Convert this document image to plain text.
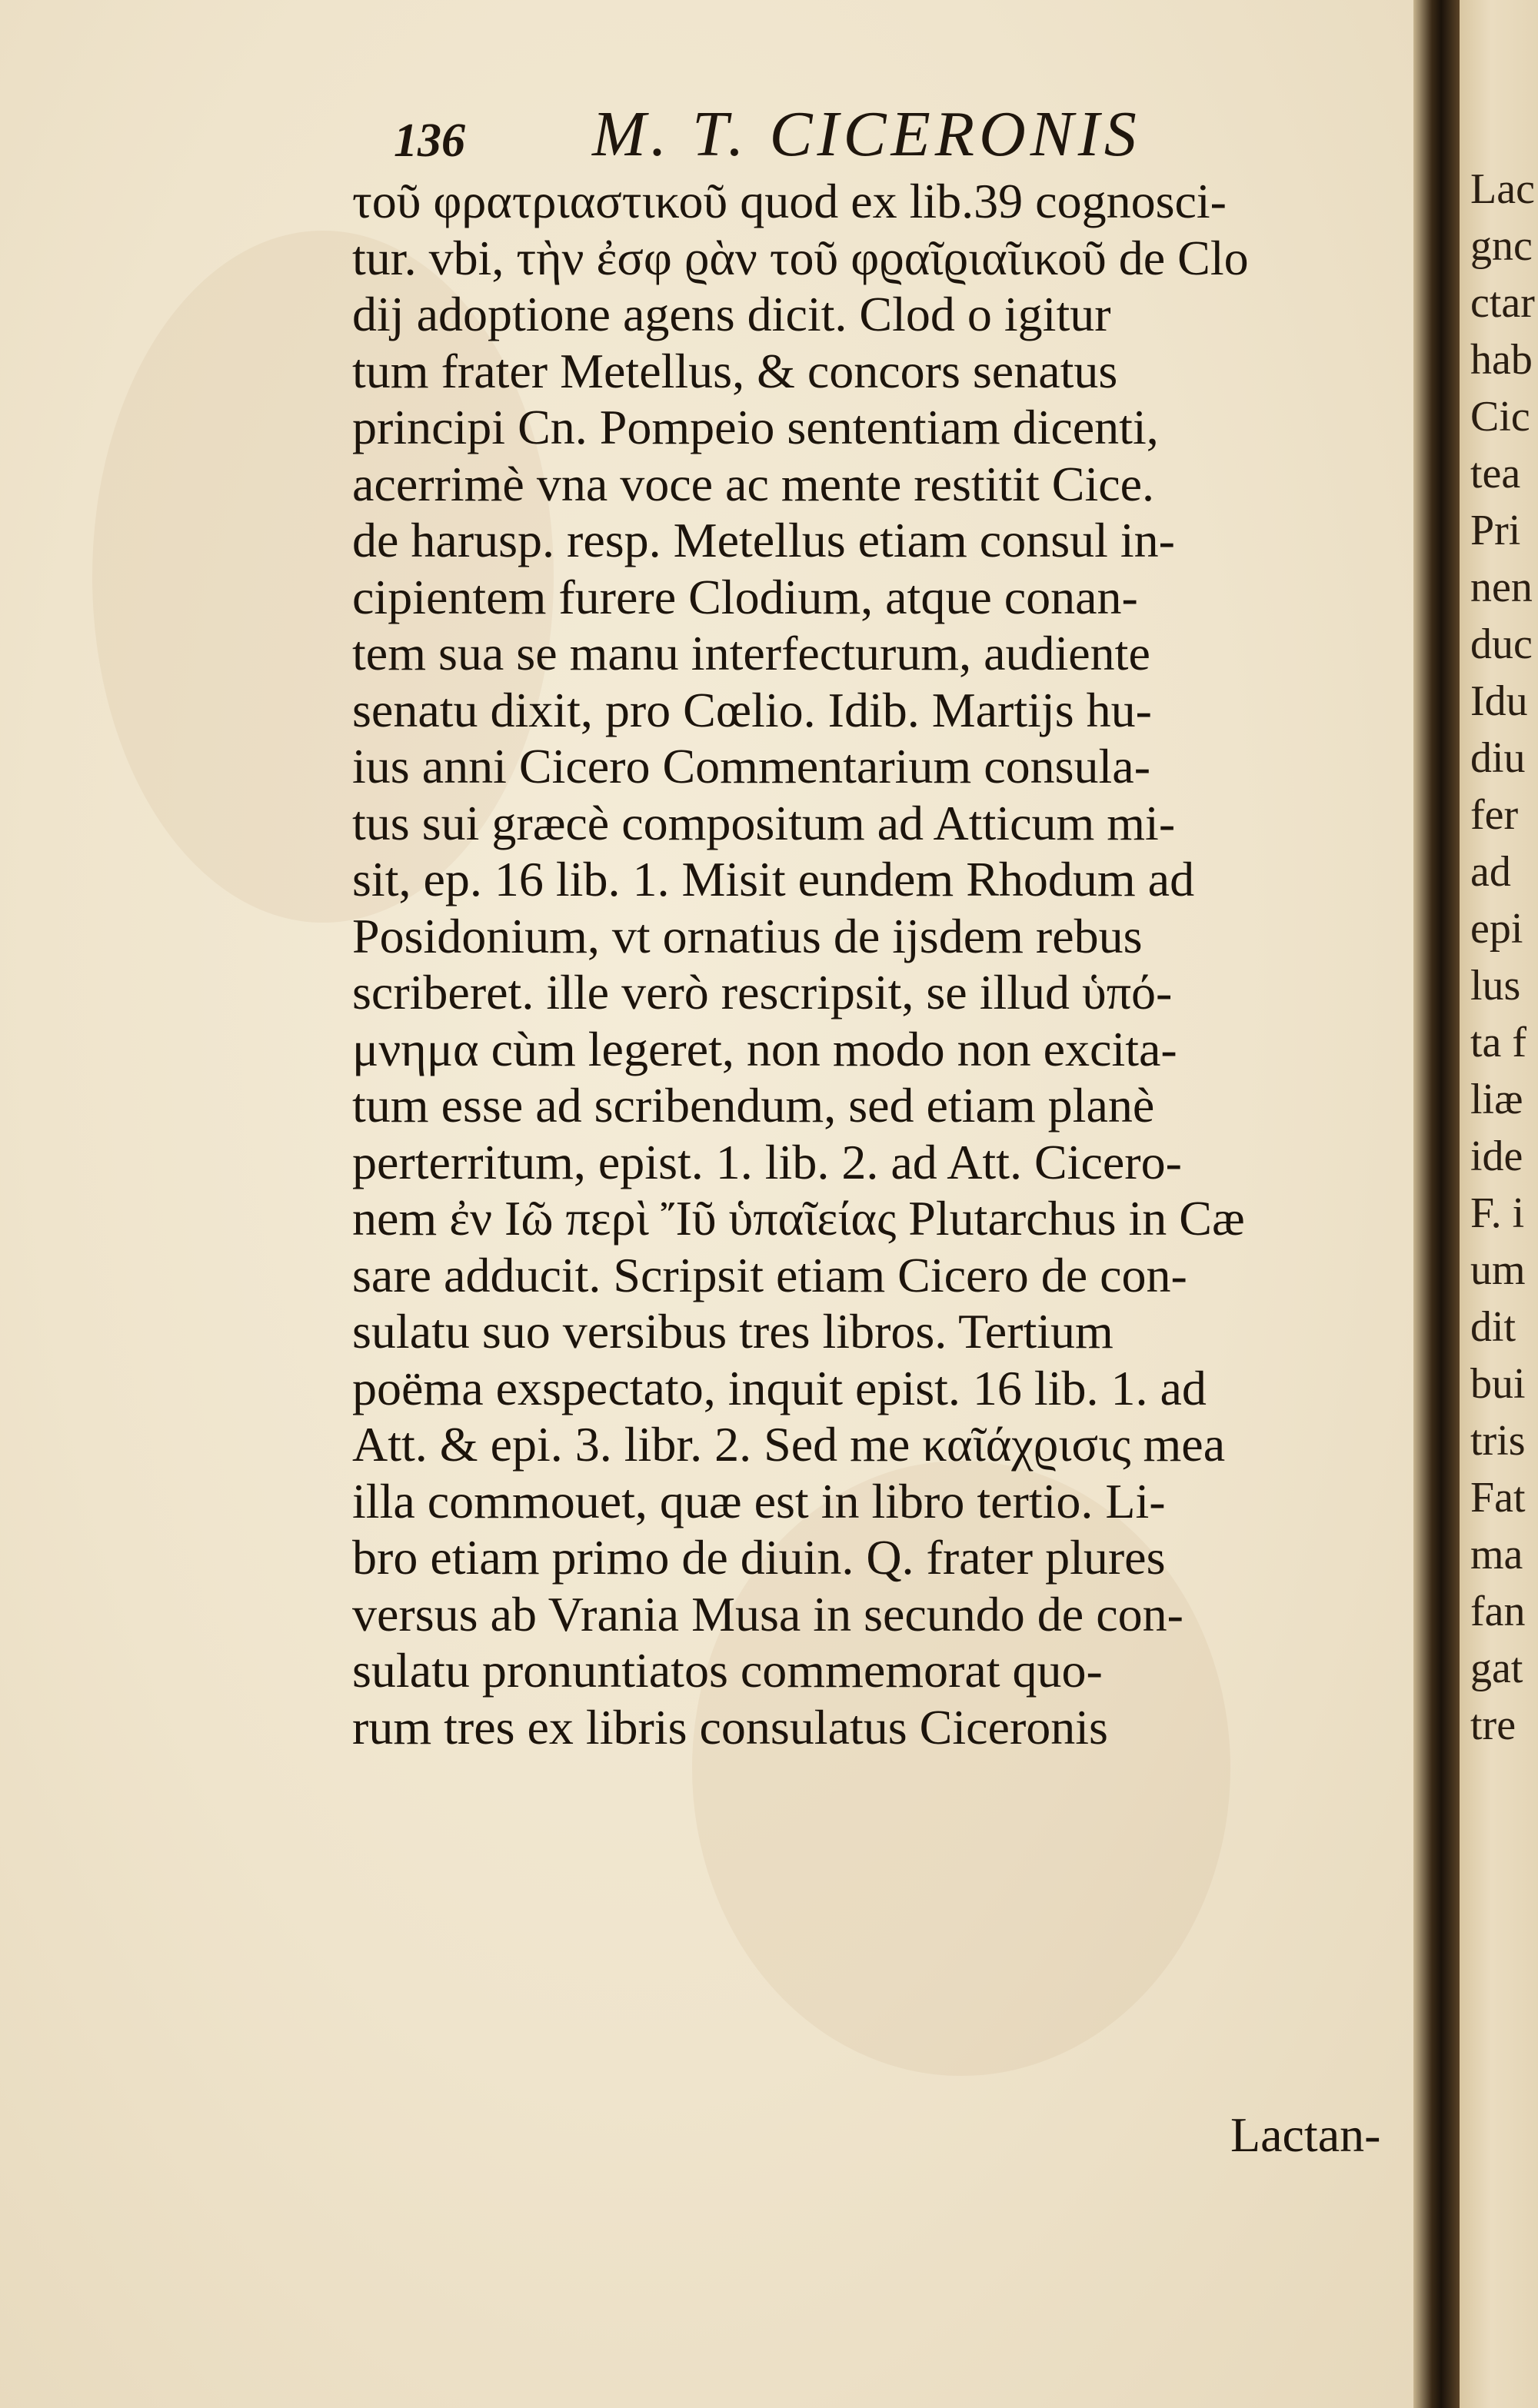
136 M. T. CICERONIS
τοῦ φρατριαστικοῦ quod ex lib.39 cognosci-
tur. vbi, τὴν ἐσφ ϱὰν τοῦ φϱαῖϱιαῖικοῦ de Clo
dij adoptione agens dicit. Clod o igitur
tum frater Metellus, & concors senatus
principi Cn. Pompeio sententiam dicenti,
acerrimè vna voce ac mente restitit Cice.
de harusp. resp. Metellus etiam consul in-
cipientem furere Clodium, atque conan-
tem sua se manu interfecturum, audiente
senatu dixit, pro Cœlio. Idib. Martijs hu-
ius anni Cicero Commentarium consula-
tus sui græcè compositum ad Atticum mi-
sit, ep. 16 lib. 1. Misit eundem Rhodum ad
Posidonium, vt ornatius de ijsdem rebus
scriberet. ille verò rescripsit, se illud ὑπό-
μνημα cùm legeret, non modo non excita-
tum esse ad scribendum, sed etiam planè
perterritum, epist. 1. lib. 2. ad Att. Cicero-
nem ἐν Ιῶ περὶ Ἴῦ ὑπαῖείας Plutarchus in Cæ
sare adducit. Scripsit etiam Cicero de con-
sulatu suo versibus tres libros. Tertium
poëma exspectato, inquit epist. 16 lib. 1. ad
Att. & epi. 3. libr. 2. Sed me καῖάχϱισις mea
illa commouet, quæ est in libro tertio. Li-
bro etiam primo de diuin. Q. frater plures
versus ab Vrania Musa in secundo de con-
sulatu pronuntiatos commemorat quo-
rum tres ex libris consulatus Ciceronis
Lactan-
Lac
gnc
ctar
hab
Cic
tea
Pri
nen
duc
Idu
diu
fer
ad
epi
lus
ta f
liæ
ide
F. i
um
dit
bui
tris
Fat
ma
fan
gat
tre
